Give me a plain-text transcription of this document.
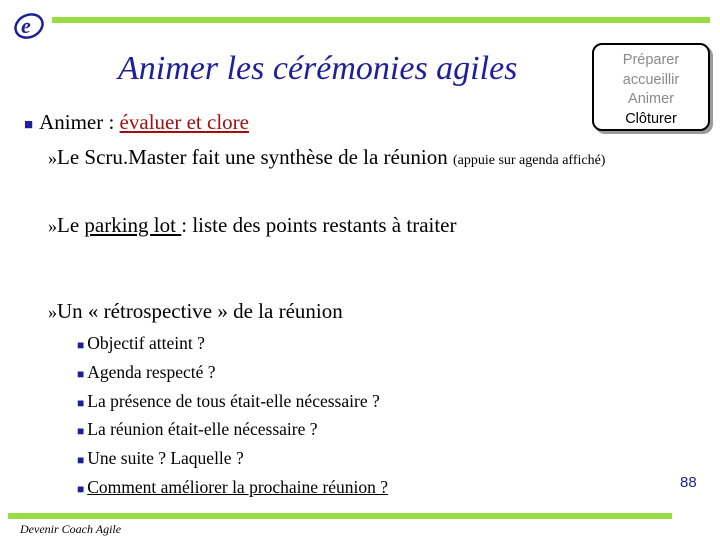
e
Animer les cérémonies agiles	Préparer
accueillir
Animer
Clôturer
■ Animer : évaluer et clore
»Le Scru.Master fait une synthèse de la réunion (appuie sur agenda affiché)
»Le parking lot : liste des points restants à traiter
»Un « rétrospective » de la réunion
■ Objectif atteint ?
■ Agenda respecté ?
■ La présence de tous était-elle nécessaire ?
■ La réunion était-elle nécessaire ?
■ Une suite ? Laquelle ?
■ Comment améliorer la prochaine réunion ?	88
Devenir Coach Agile
